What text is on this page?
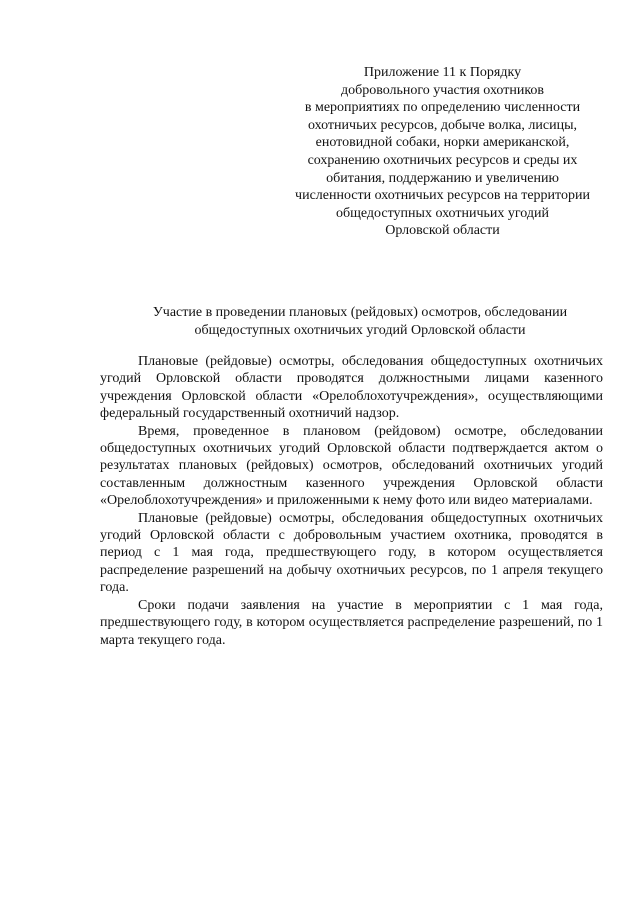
Приложение 11 к Порядку
добровольного участия охотников
в мероприятиях по определению численности
охотничьих ресурсов, добыче волка, лисицы,
енотовидной собаки, норки американской,
сохранению охотничьих ресурсов и среды их
обитания, поддержанию и увеличению
численности охотничьих ресурсов на территории
общедоступных охотничьих угодий
Орловской области
Участие в проведении плановых (рейдовых) осмотров, обследовании
общедоступных охотничьих угодий Орловской области

Плановые (рейдовые) осмотры, обследования общедоступных охотничьих угодий Орловской области проводятся должностными лицами казенного учреждения Орловской области «Орелоблохотучреждения», осуществляющими федеральный государственный охотничий надзор.

Время, проведенное в плановом (рейдовом) осмотре, обследовании общедоступных охотничьих угодий Орловской области подтверждается актом о результатах плановых (рейдовых) осмотров, обследований охотничьих угодий составленным должностным казенного учреждения Орловской области «Орелоблохотучреждения» и приложенными к нему фото или видео материалами.

Плановые (рейдовые) осмотры, обследования общедоступных охотничьих угодий Орловской области с добровольным участием охотника, проводятся в период с 1 мая года, предшествующего году, в котором осуществляется распределение разрешений на добычу охотничьих ресурсов, по 1 апреля текущего года.

Сроки подачи заявления на участие в мероприятии с 1 мая года, предшествующего году, в котором осуществляется распределение разрешений, по 1 марта текущего года.
